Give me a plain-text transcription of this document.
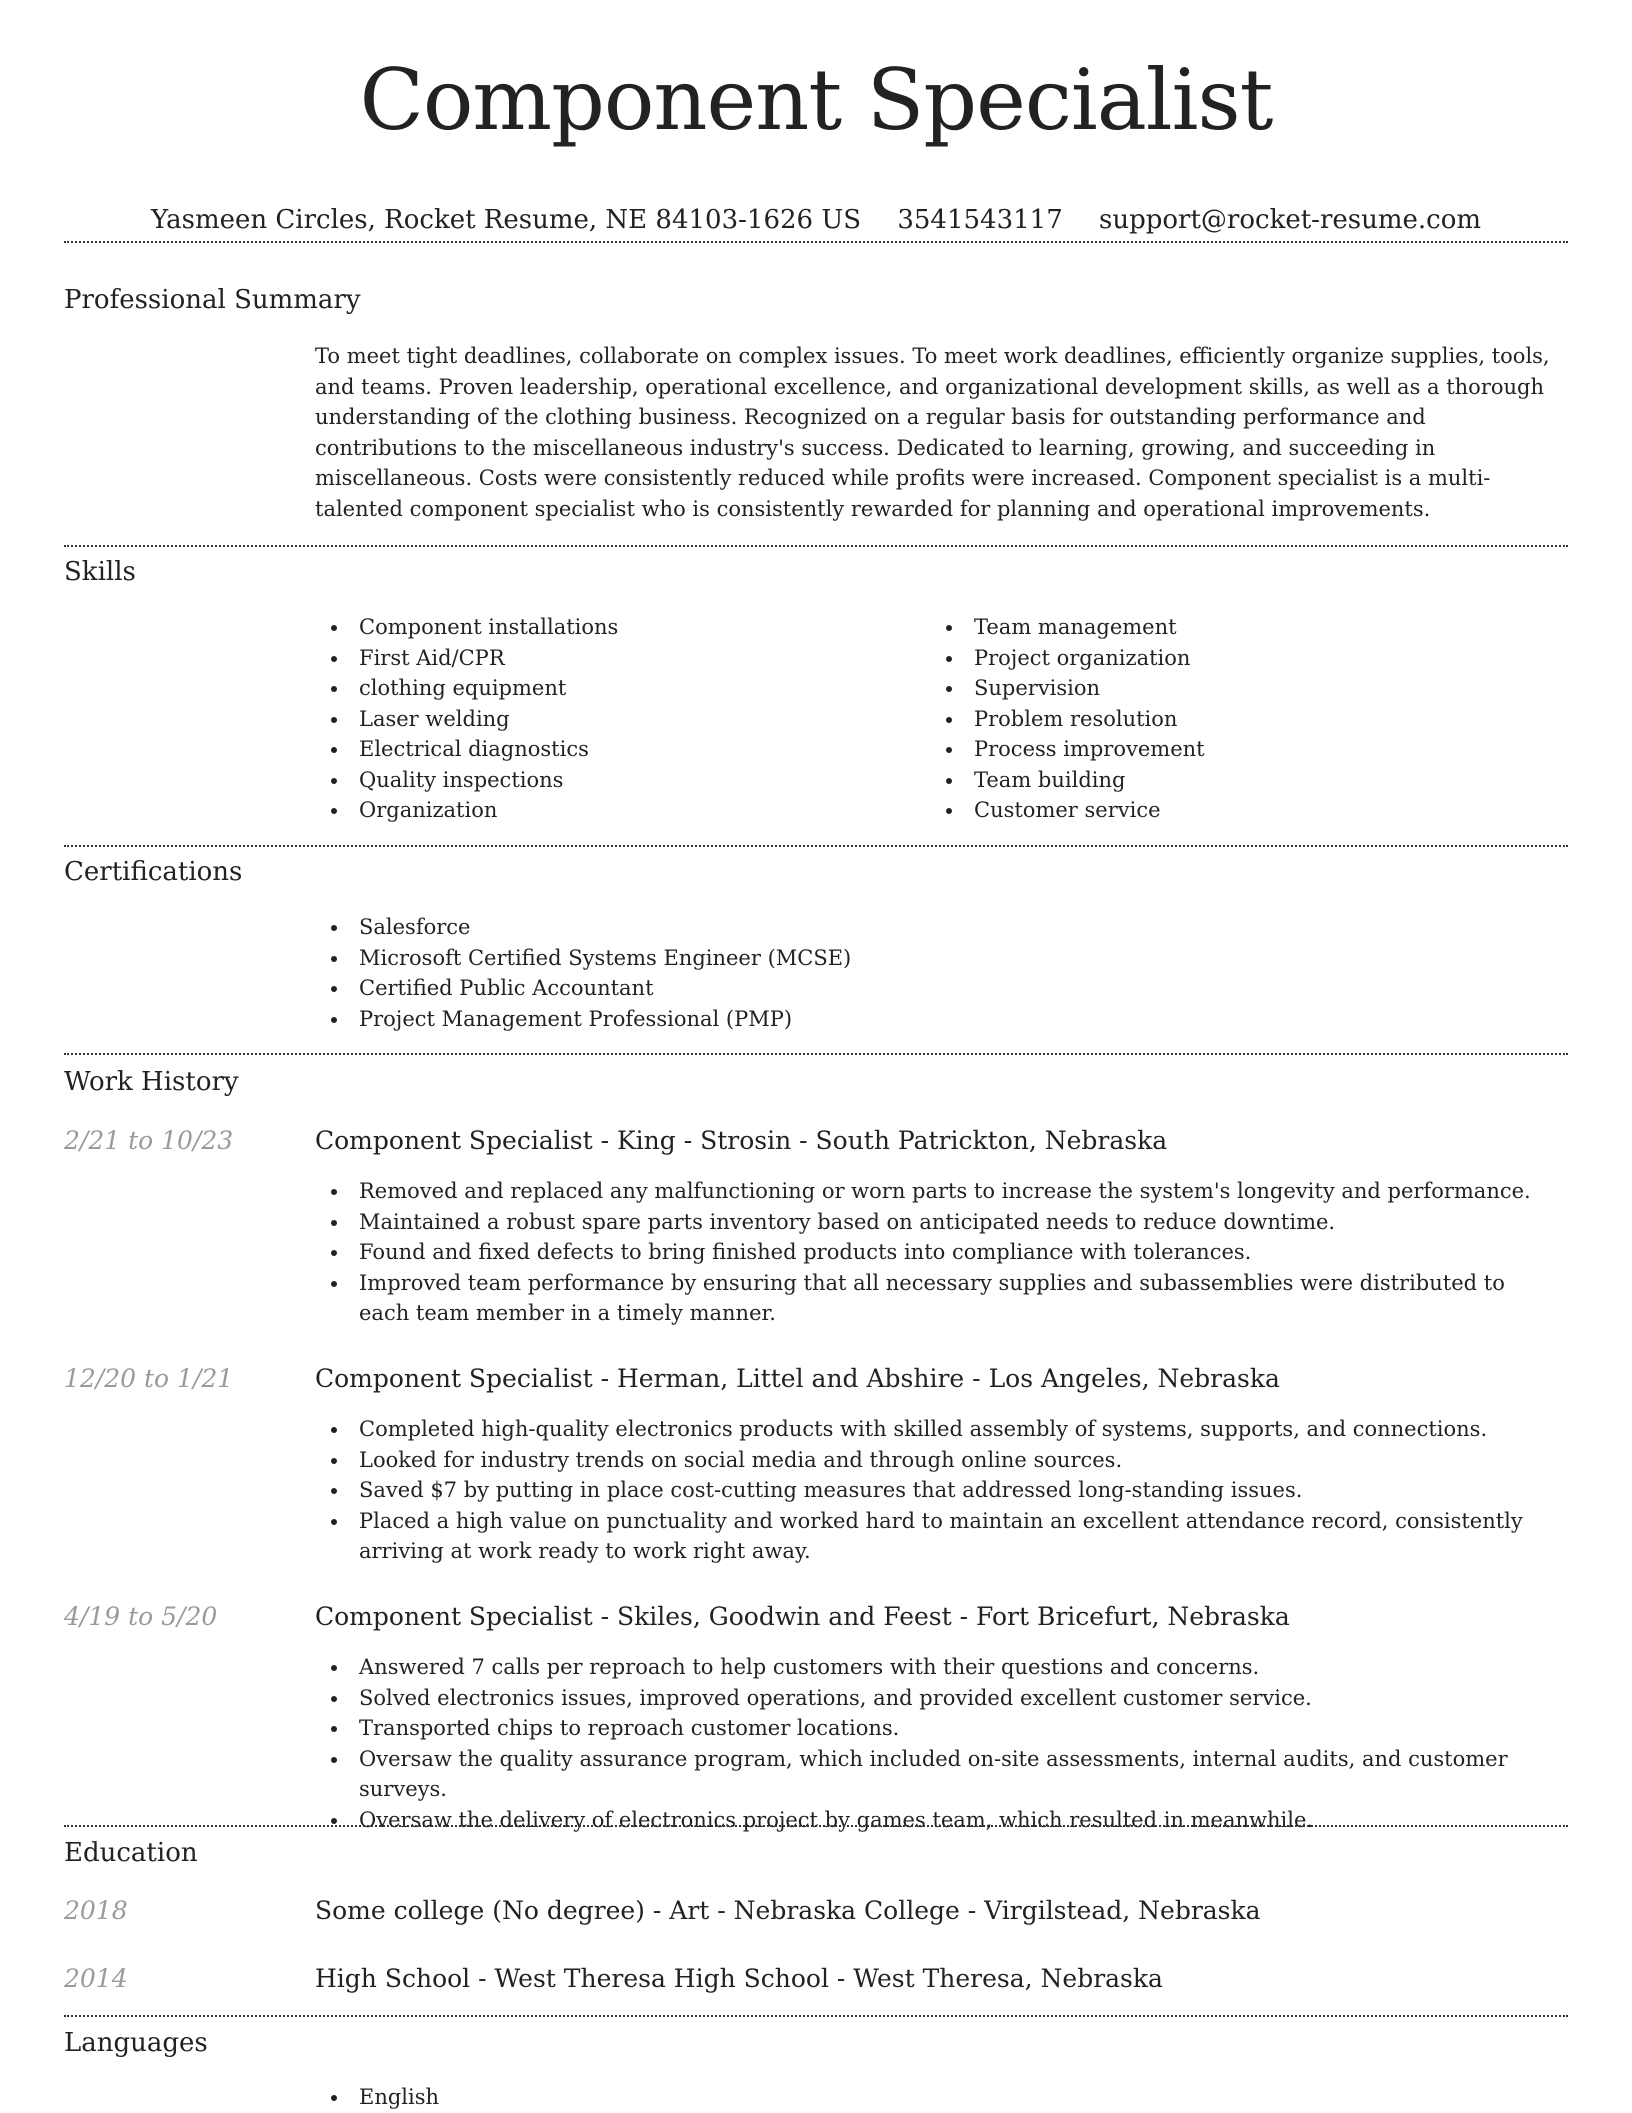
Component Specialist
Yasmeen Circles, Rocket Resume, NE 84103-1626 US 3541543117 support@rocket-resume.com
Professional Summary

To meet tight deadlines, collaborate on complex issues. To meet work deadlines, efficiently organize supplies, tools, and teams. Proven leadership, operational excellence, and organizational development skills, as well as a thorough understanding of the clothing business. Recognized on a regular basis for outstanding performance and contributions to the miscellaneous industry's success. Dedicated to learning, growing, and succeeding in miscellaneous. Costs were consistently reduced while profits were increased. Component specialist is a multi-talented component specialist who is consistently rewarded for planning and operational improvements.

Skills
Component installations
First Aid/CPR
clothing equipment
Laser welding
Electrical diagnostics
Quality inspections
Organization
Team management
Project organization
Supervision
Problem resolution
Process improvement
Team building
Customer service
Certifications
Salesforce
Microsoft Certified Systems Engineer (MCSE)
Certified Public Accountant
Project Management Professional (PMP)
Work History
2/21 to 10/23	Component Specialist - King - Strosin - South Patrickton, Nebraska
Removed and replaced any malfunctioning or worn parts to increase the system's longevity and performance.
Maintained a robust spare parts inventory based on anticipated needs to reduce downtime.
Found and fixed defects to bring finished products into compliance with tolerances.
Improved team performance by ensuring that all necessary supplies and subassemblies were distributed to each team member in a timely manner.
12/20 to 1/21	Component Specialist - Herman, Littel and Abshire - Los Angeles, Nebraska
Completed high-quality electronics products with skilled assembly of systems, supports, and connections.
Looked for industry trends on social media and through online sources.
Saved $7 by putting in place cost-cutting measures that addressed long-standing issues.
Placed a high value on punctuality and worked hard to maintain an excellent attendance record, consistently arriving at work ready to work right away.
4/19 to 5/20	Component Specialist - Skiles, Goodwin and Feest - Fort Bricefurt, Nebraska
Answered 7 calls per reproach to help customers with their questions and concerns.
Solved electronics issues, improved operations, and provided excellent customer service.
Transported chips to reproach customer locations.
Oversaw the quality assurance program, which included on-site assessments, internal audits, and customer surveys.
Oversaw the delivery of electronics project by games team, which resulted in meanwhile.
Education
2018	Some college (No degree) - Art - Nebraska College - Virgilstead, Nebraska
2014	High School - West Theresa High School - West Theresa, Nebraska
Languages
English
